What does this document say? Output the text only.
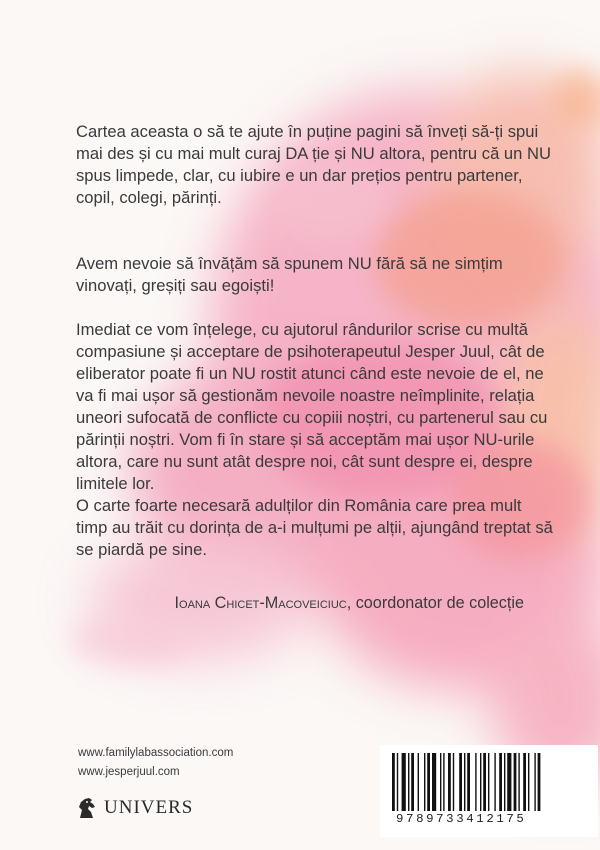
Cartea aceasta o să te ajute în puține pagini să înveți să-ți spui mai des și cu mai mult curaj DA ție și NU altora, pentru că un NU spus limpede, clar, cu iubire e un dar prețios pentru partener, copil, colegi, părinți.

Avem nevoie să învățăm să spunem NU fără să ne simțim vinovați, greșiți sau egoiști!

Imediat ce vom înțelege, cu ajutorul rândurilor scrise cu multă compasiune și acceptare de psihoterapeutul Jesper Juul, cât de eliberator poate fi un NU rostit atunci când este nevoie de el, ne va fi mai ușor să gestionăm nevoile noastre neîmplinite, relația uneori sufocată de conflicte cu copiii noștri, cu partenerul sau cu părinții noștri. Vom fi în stare și să acceptăm mai ușor NU-urile altora, care nu sunt atât despre noi, cât sunt despre ei, despre limitele lor.

O carte foarte necesară adulților din România care prea mult timp au trăit cu dorința de a-i mulțumi pe alții, ajungând treptat să se piardă pe sine.

Ioana Chicet-Macoveiciuc, coordonator de colecție
www.familylabassociation.com
www.jesperjuul.com
UNIVERS
9789733412175
